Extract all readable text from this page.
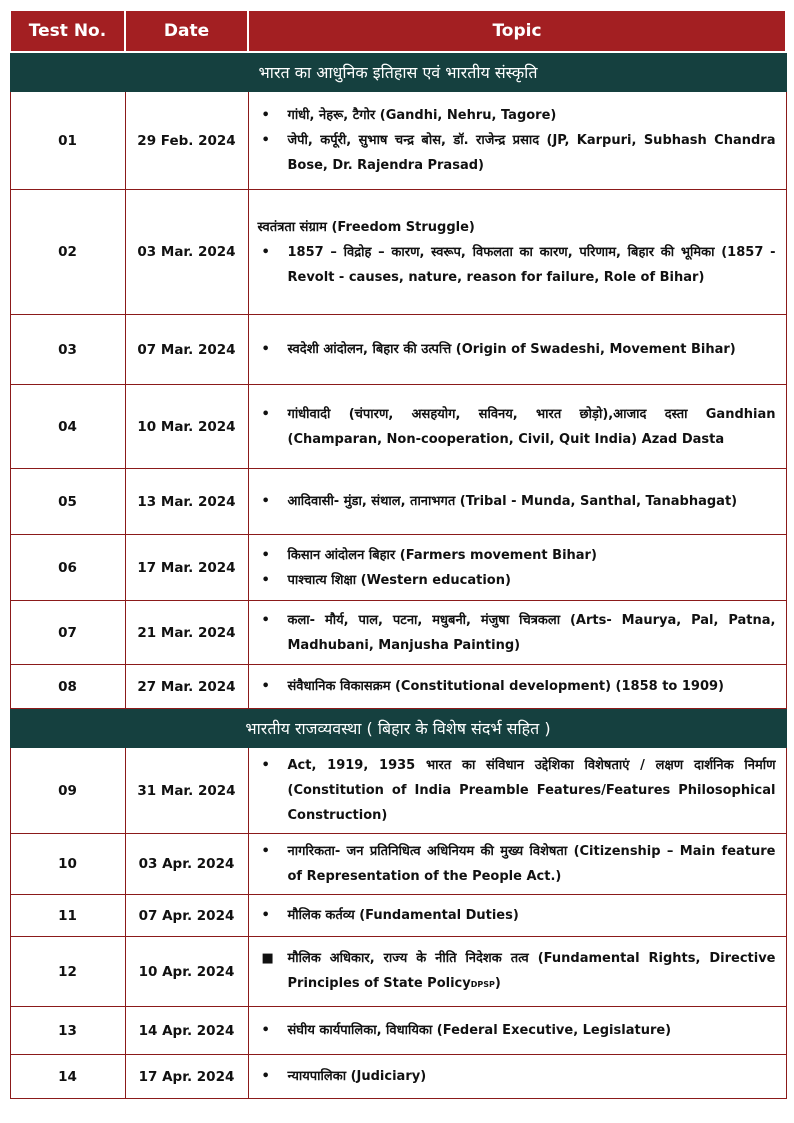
Test No.	Date	Topic
भारत का आधुनिक इतिहास एवं भारतीय संस्कृति		
01	29 Feb. 2024	• गांधी, नेहरू, टैगोर (Gandhi, Nehru, Tagore)
• जेपी, कर्पूरी, सुभाष चन्द्र बोस, डॉ. राजेन्द्र प्रसाद (JP, Karpuri, Subhash Chandra Bose, Dr. Rajendra Prasad)

02	03 Mar. 2024	स्वतंत्रता संग्राम (Freedom Struggle)
• 1857 – विद्रोह – कारण, स्वरूप, विफलता का कारण, परिणाम, बिहार की भूमिका (1857 - Revolt - causes, nature, reason for failure, Role of Bihar)

03	07 Mar. 2024	• स्वदेशी आंदोलन, बिहार की उत्पत्ति (Origin of Swadeshi, Movement Bihar)

04	10 Mar. 2024	• गांधीवादी (चंपारण, असहयोग, सविनय, भारत छोड़ो),आजाद दस्ता Gandhian (Champaran, Non-cooperation, Civil, Quit India) Azad Dasta

05	13 Mar. 2024	• आदिवासी- मुंडा, संथाल, तानाभगत (Tribal - Munda, Santhal, Tanabhagat)

06	17 Mar. 2024	• किसान आंदोलन बिहार (Farmers movement Bihar)
• पाश्चात्य शिक्षा (Western education)

07	21 Mar. 2024	• कला- मौर्य, पाल, पटना, मधुबनी, मंजुषा चित्रकला (Arts- Maurya, Pal, Patna, Madhubani, Manjusha Painting)

08	27 Mar. 2024	• संवैधानिक विकासक्रम (Constitutional development) (1858 to 1909)

भारतीय राजव्यवस्था ( बिहार के विशेष संदर्भ सहित )		
09	31 Mar. 2024	• Act, 1919, 1935 भारत का संविधान उद्देशिका विशेषताएं / लक्षण दार्शनिक निर्माण (Constitution of India Preamble Features/Features Philosophical Construction)

10	03 Apr. 2024	• नागरिकता- जन प्रतिनिधित्व अधिनियम की मुख्य विशेषता (Citizenship – Main feature of Representation of the People Act.)

11	07 Apr. 2024	• मौलिक कर्तव्य (Fundamental Duties)

12	10 Apr. 2024	■ मौलिक अधिकार, राज्य के नीति निदेशक तत्व (Fundamental Rights, Directive Principles of State PolicyDPSP)

13	14 Apr. 2024	• संघीय कार्यपालिका, विधायिका (Federal Executive, Legislature)

14	17 Apr. 2024	• न्यायपालिका (Judiciary)
